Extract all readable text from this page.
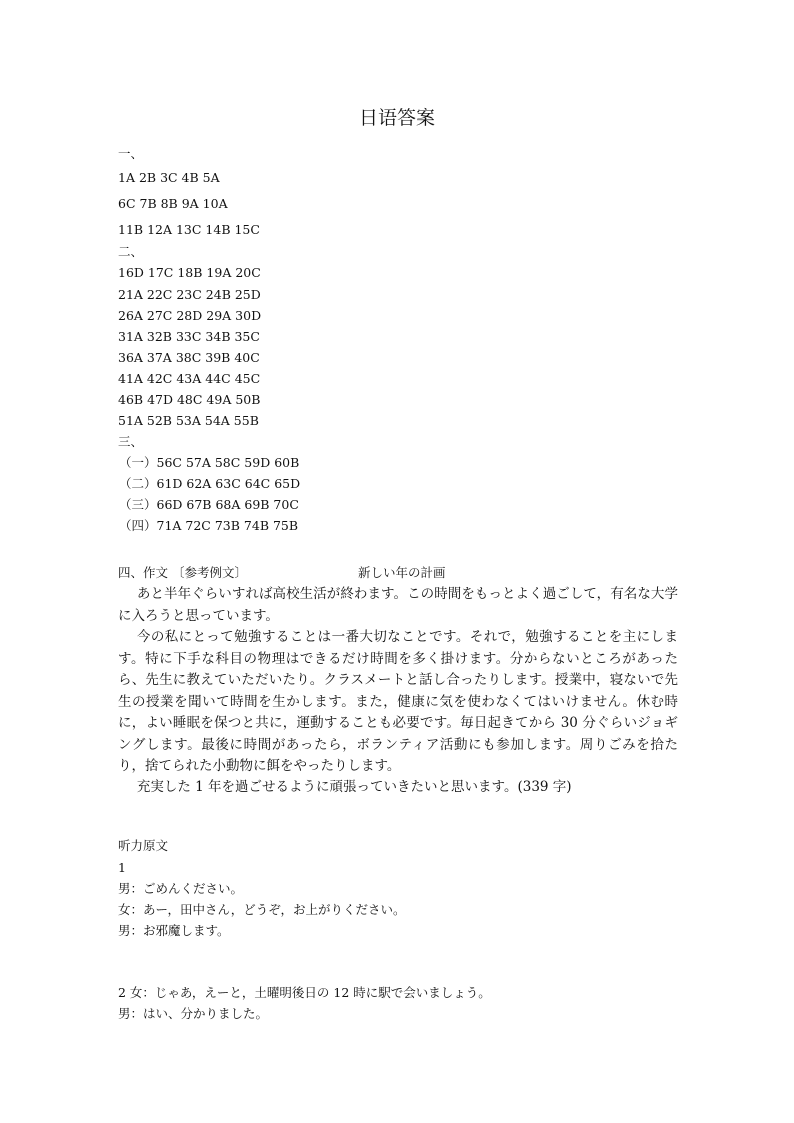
日语答案
一、
1A 2B 3C 4B 5A
6C 7B 8B 9A 10A
11B 12A 13C 14B 15C
二、
16D 17C 18B 19A 20C
21A 22C 23C 24B 25D
26A 27C 28D 29A 30D
31A 32B 33C 34B 35C
36A 37A 38C 39B 40C
41A 42C 43A 44C 45C
46B 47D 48C 49A 50B
51A 52B 53A 54A 55B
三、
（一）56C 57A 58C 59D 60B
（二）61D 62A 63C 64C 65D
（三）66D 67B 68A 69B 70C
（四）71A 72C 73B 74B 75B
四、作文 〔参考例文〕	新しい年の計画
あと半年ぐらいすれば高校生活が終わます。この時間をもっとよく過ごして，有名な大学に入ろうと思っています。
今の私にとって勉強することは一番大切なことです。それで，勉強することを主にします。特に下手な科目の物理はできるだけ時間を多く掛けます。分からないところがあったら、先生に教えていただいたり。クラスメートと話し合ったりします。授業中，寝ないで先生の授業を聞いて時間を生かします。また，健康に気を使わなくてはいけません。休む時に，よい睡眠を保つと共に，運動することも必要です。毎日起きてから 30 分ぐらいジョギングします。最後に時間があったら，ボランティア活動にも参加します。周りごみを拾たり，捨てられた小動物に餌をやったりします。
充実した 1 年を過ごせるように頑張っていきたいと思います。(339 字)
听力原文
1
男：ごめんください。
女：あー，田中さん，どうぞ，お上がりください。
男：お邪魔します。
2 女：じゃあ，えーと，土曜明後日の 12 時に駅で会いましょう。
男：はい、分かりました。
